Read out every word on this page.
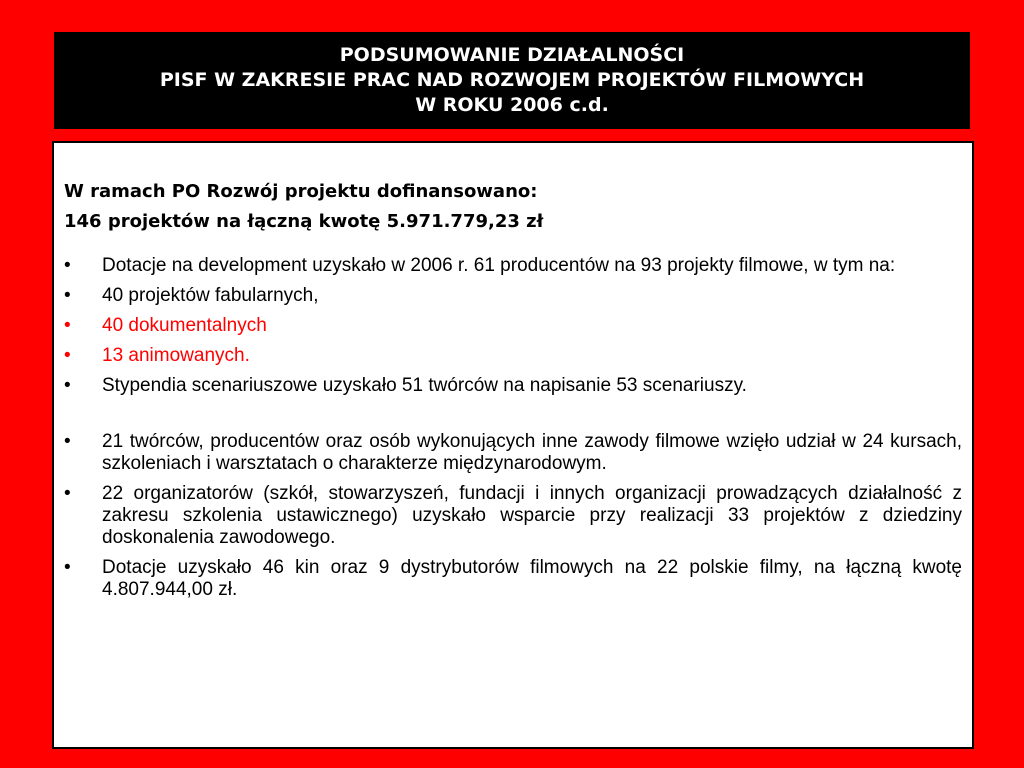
PODSUMOWANIE DZIAŁALNOŚCI
PISF W ZAKRESIE PRAC NAD ROZWOJEM PROJEKTÓW FILMOWYCH
W ROKU 2006 c.d.

W ramach PO Rozwój projektu dofinansowano:

146 projektów na łączną kwotę 5.971.779,23 zł

•	Dotacje na development uzyskało w 2006 r. 61 producentów na 93 projekty filmowe, w tym na:
•	40 projektów fabularnych,
•	40 dokumentalnych
•	13 animowanych.
•	Stypendia scenariuszowe uzyskało 51 twórców na napisanie 53 scenariuszy.
•	21 twórców, producentów oraz osób wykonujących inne zawody filmowe wzięło udział w 24 kursach, szkoleniach i warsztatach o charakterze międzynarodowym.
•	22 organizatorów (szkół, stowarzyszeń, fundacji i innych organizacji prowadzących działalność z zakresu szkolenia ustawicznego) uzyskało wsparcie przy realizacji 33 projektów z dziedziny doskonalenia zawodowego.
•	Dotacje uzyskało 46 kin oraz 9 dystrybutorów filmowych na 22 polskie filmy, na łączną kwotę 4.807.944,00 zł.
